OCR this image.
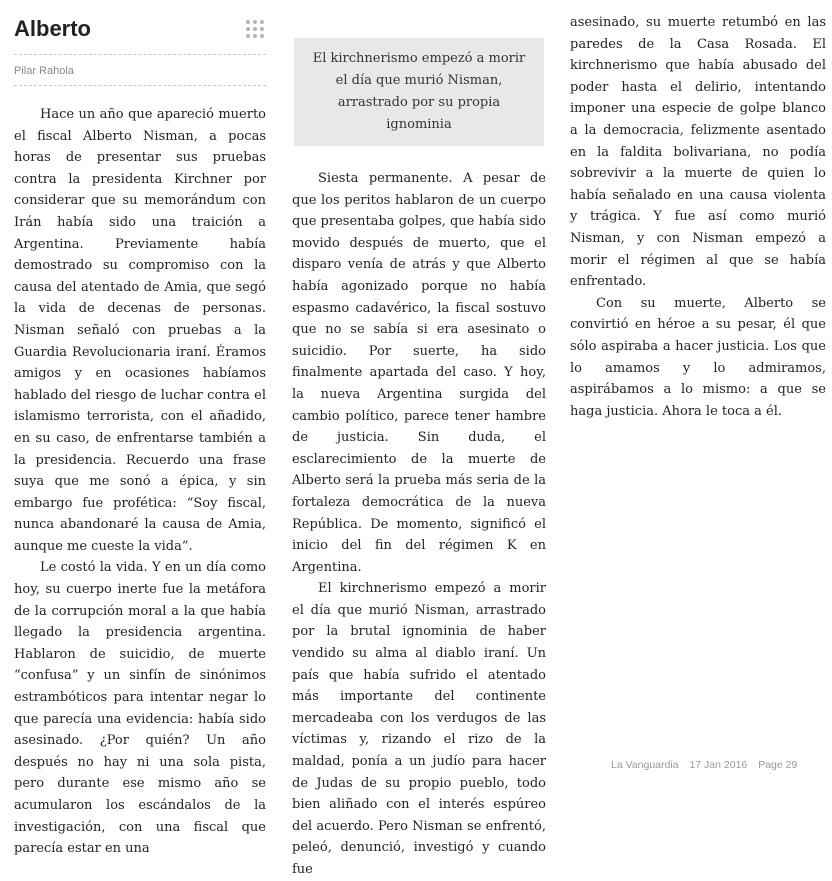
Alberto
Pilar Rahola

Hace un año que apareció muerto el fiscal Alberto Nisman, a pocas horas de presentar sus pruebas contra la presidenta Kirchner por considerar que su memorándum con Irán había sido una traición a Argentina. Previamente había demostrado su compromiso con la causa del atentado de Amia, que segó la vida de decenas de personas. Nisman señaló con pruebas a la Guardia Revolucionaria iraní. Éramos amigos y en ocasiones habíamos hablado del riesgo de luchar contra el islamismo terrorista, con el añadido, en su caso, de enfrentarse también a la presidencia. Recuerdo una frase suya que me sonó a épica, y sin embargo fue profética: “Soy fiscal, nunca abandonaré la causa de Amia, aunque me cueste la vida”.

Le costó la vida. Y en un día como hoy, su cuerpo inerte fue la metáfora de la corrupción moral a la que había llegado la presidencia argentina. Hablaron de suicidio, de muerte “confusa” y un sinfín de sinónimos estrambóticos para intentar negar lo que parecía una evidencia: había sido asesinado. ¿Por quién? Un año después no hay ni una sola pista, pero durante ese mismo año se acumularon los escándalos de la investigación, con una fiscal que parecía estar en una

El kirchnerismo empezó a morir el día que murió Nisman, arrastrado por su propia ignominia

Siesta permanente. A pesar de que los peritos hablaron de un cuerpo que presentaba golpes, que había sido movido después de muerto, que el disparo venía de atrás y que Alberto había agonizado porque no había espasmo cadavérico, la fiscal sostuvo que no se sabía si era asesinato o suicidio. Por suerte, ha sido finalmente apartada del caso. Y hoy, la nueva Argentina surgida del cambio político, parece tener hambre de justicia. Sin duda, el esclarecimiento de la muerte de Alberto será la prueba más seria de la fortaleza democrática de la nueva República. De momento, significó el inicio del fin del régimen K en Argentina.

El kirchnerismo empezó a morir el día que murió Nisman, arrastrado por la brutal ignominia de haber vendido su alma al diablo iraní. Un país que había sufrido el atentado más importante del continente mercadeaba con los verdugos de las víctimas y, rizando el rizo de la maldad, ponía a un judío para hacer de Judas de su propio pueblo, todo bien aliñado con el interés espúreo del acuerdo. Pero Nisman se enfrentó, peleó, denunció, investigó y cuando fue

asesinado, su muerte retumbó en las paredes de la Casa Rosada. El kirchnerismo que había abusado del poder hasta el delirio, intentando imponer una especie de golpe blanco a la democracia, felizmente asentado en la faldita bolivariana, no podía sobrevivir a la muerte de quien lo había señalado en una causa violenta y trágica. Y fue así como murió Nisman, y con Nisman empezó a morir el régimen al que se había enfrentado.

Con su muerte, Alberto se convirtió en héroe a su pesar, él que sólo aspiraba a hacer justicia. Los que lo amamos y lo admiramos, aspirábamos a lo mismo: a que se haga justicia. Ahora le toca a él.

La Vanguardia 17 Jan 2016 Page 29
